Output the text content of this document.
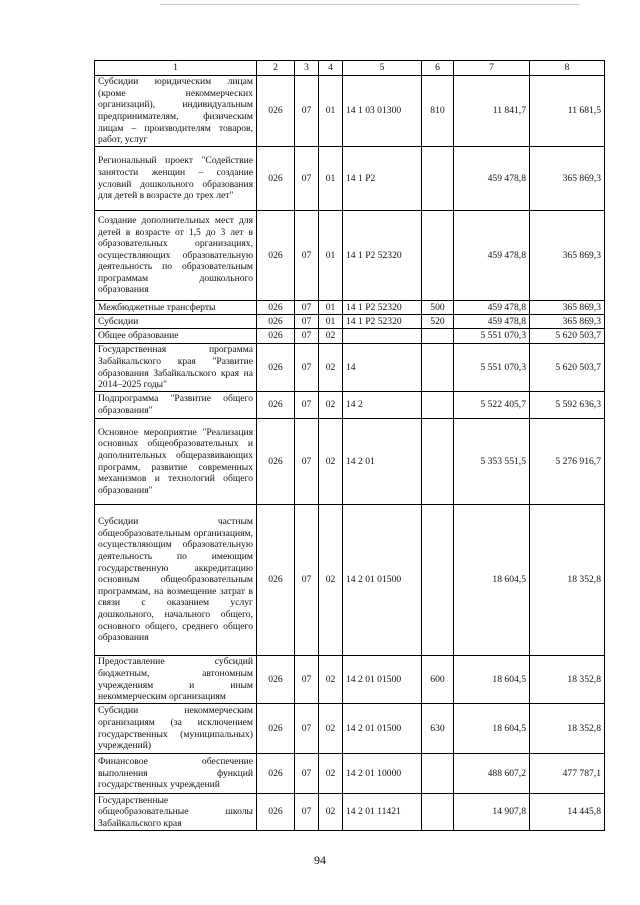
1	2	3	4	5	6	7	8
Субсидии юридическим лицам (кроме некоммерческих организаций), индивидуальным предпринимателям, физическим лицам – производителям товаров, работ, услуг	026	07	01	14 1 03 01300	810	11 841,7	11 681,5
Региональный проект "Содействие занятости женщин – создание условий дошкольного образования для детей в возрасте до трех лет"	026	07	01	14 1 P2		459 478,8	365 869,3
Создание дополнительных мест для детей в возрасте от 1,5 до 3 лет в образовательных организациях, осуществляющих образовательную деятельность по образовательным программам дошкольного образования	026	07	01	14 1 P2 52320		459 478,8	365 869,3
Межбюджетные трансферты	026	07	01	14 1 P2 52320	500	459 478,8	365 869,3
Субсидии	026	07	01	14 1 P2 52320	520	459 478,8	365 869,3
Общее образование	026	07	02			5 551 070,3	5 620 503,7
Государственная программа Забайкальского края "Развитие образования Забайкальского края на 2014–2025 годы"	026	07	02	14		5 551 070,3	5 620 503,7
Подпрограмма "Развитие общего образования"	026	07	02	14 2		5 522 405,7	5 592 636,3
Основное мероприятие "Реализация основных общеобразовательных и дополнительных общеразвивающих программ, развитие современных механизмов и технологий общего образования"	026	07	02	14 2 01		5 353 551,5	5 276 916,7
Субсидии частным общеобразовательным организациям, осуществляющим образовательную деятельность по имеющим государственную аккредитацию основным общеобразовательным программам, на возмещение затрат в связи с оказанием услуг дошкольного, начального общего, основного общего, среднего общего образования	026	07	02	14 2 01 01500		18 604,5	18 352,8
Предоставление субсидий бюджетным, автономным учреждениям и иным некоммерческим организациям	026	07	02	14 2 01 01500	600	18 604,5	18 352,8
Субсидии некоммерческим организациям (за исключением государственных (муниципальных) учреждений)	026	07	02	14 2 01 01500	630	18 604,5	18 352,8
Финансовое обеспечение выполнения функций государственных учреждений	026	07	02	14 2 01 10000		488 607,2	477 787,1
Государственные общеобразовательные школы Забайкальского края	026	07	02	14 2 01 11421		14 907,8	14 445,8
94
